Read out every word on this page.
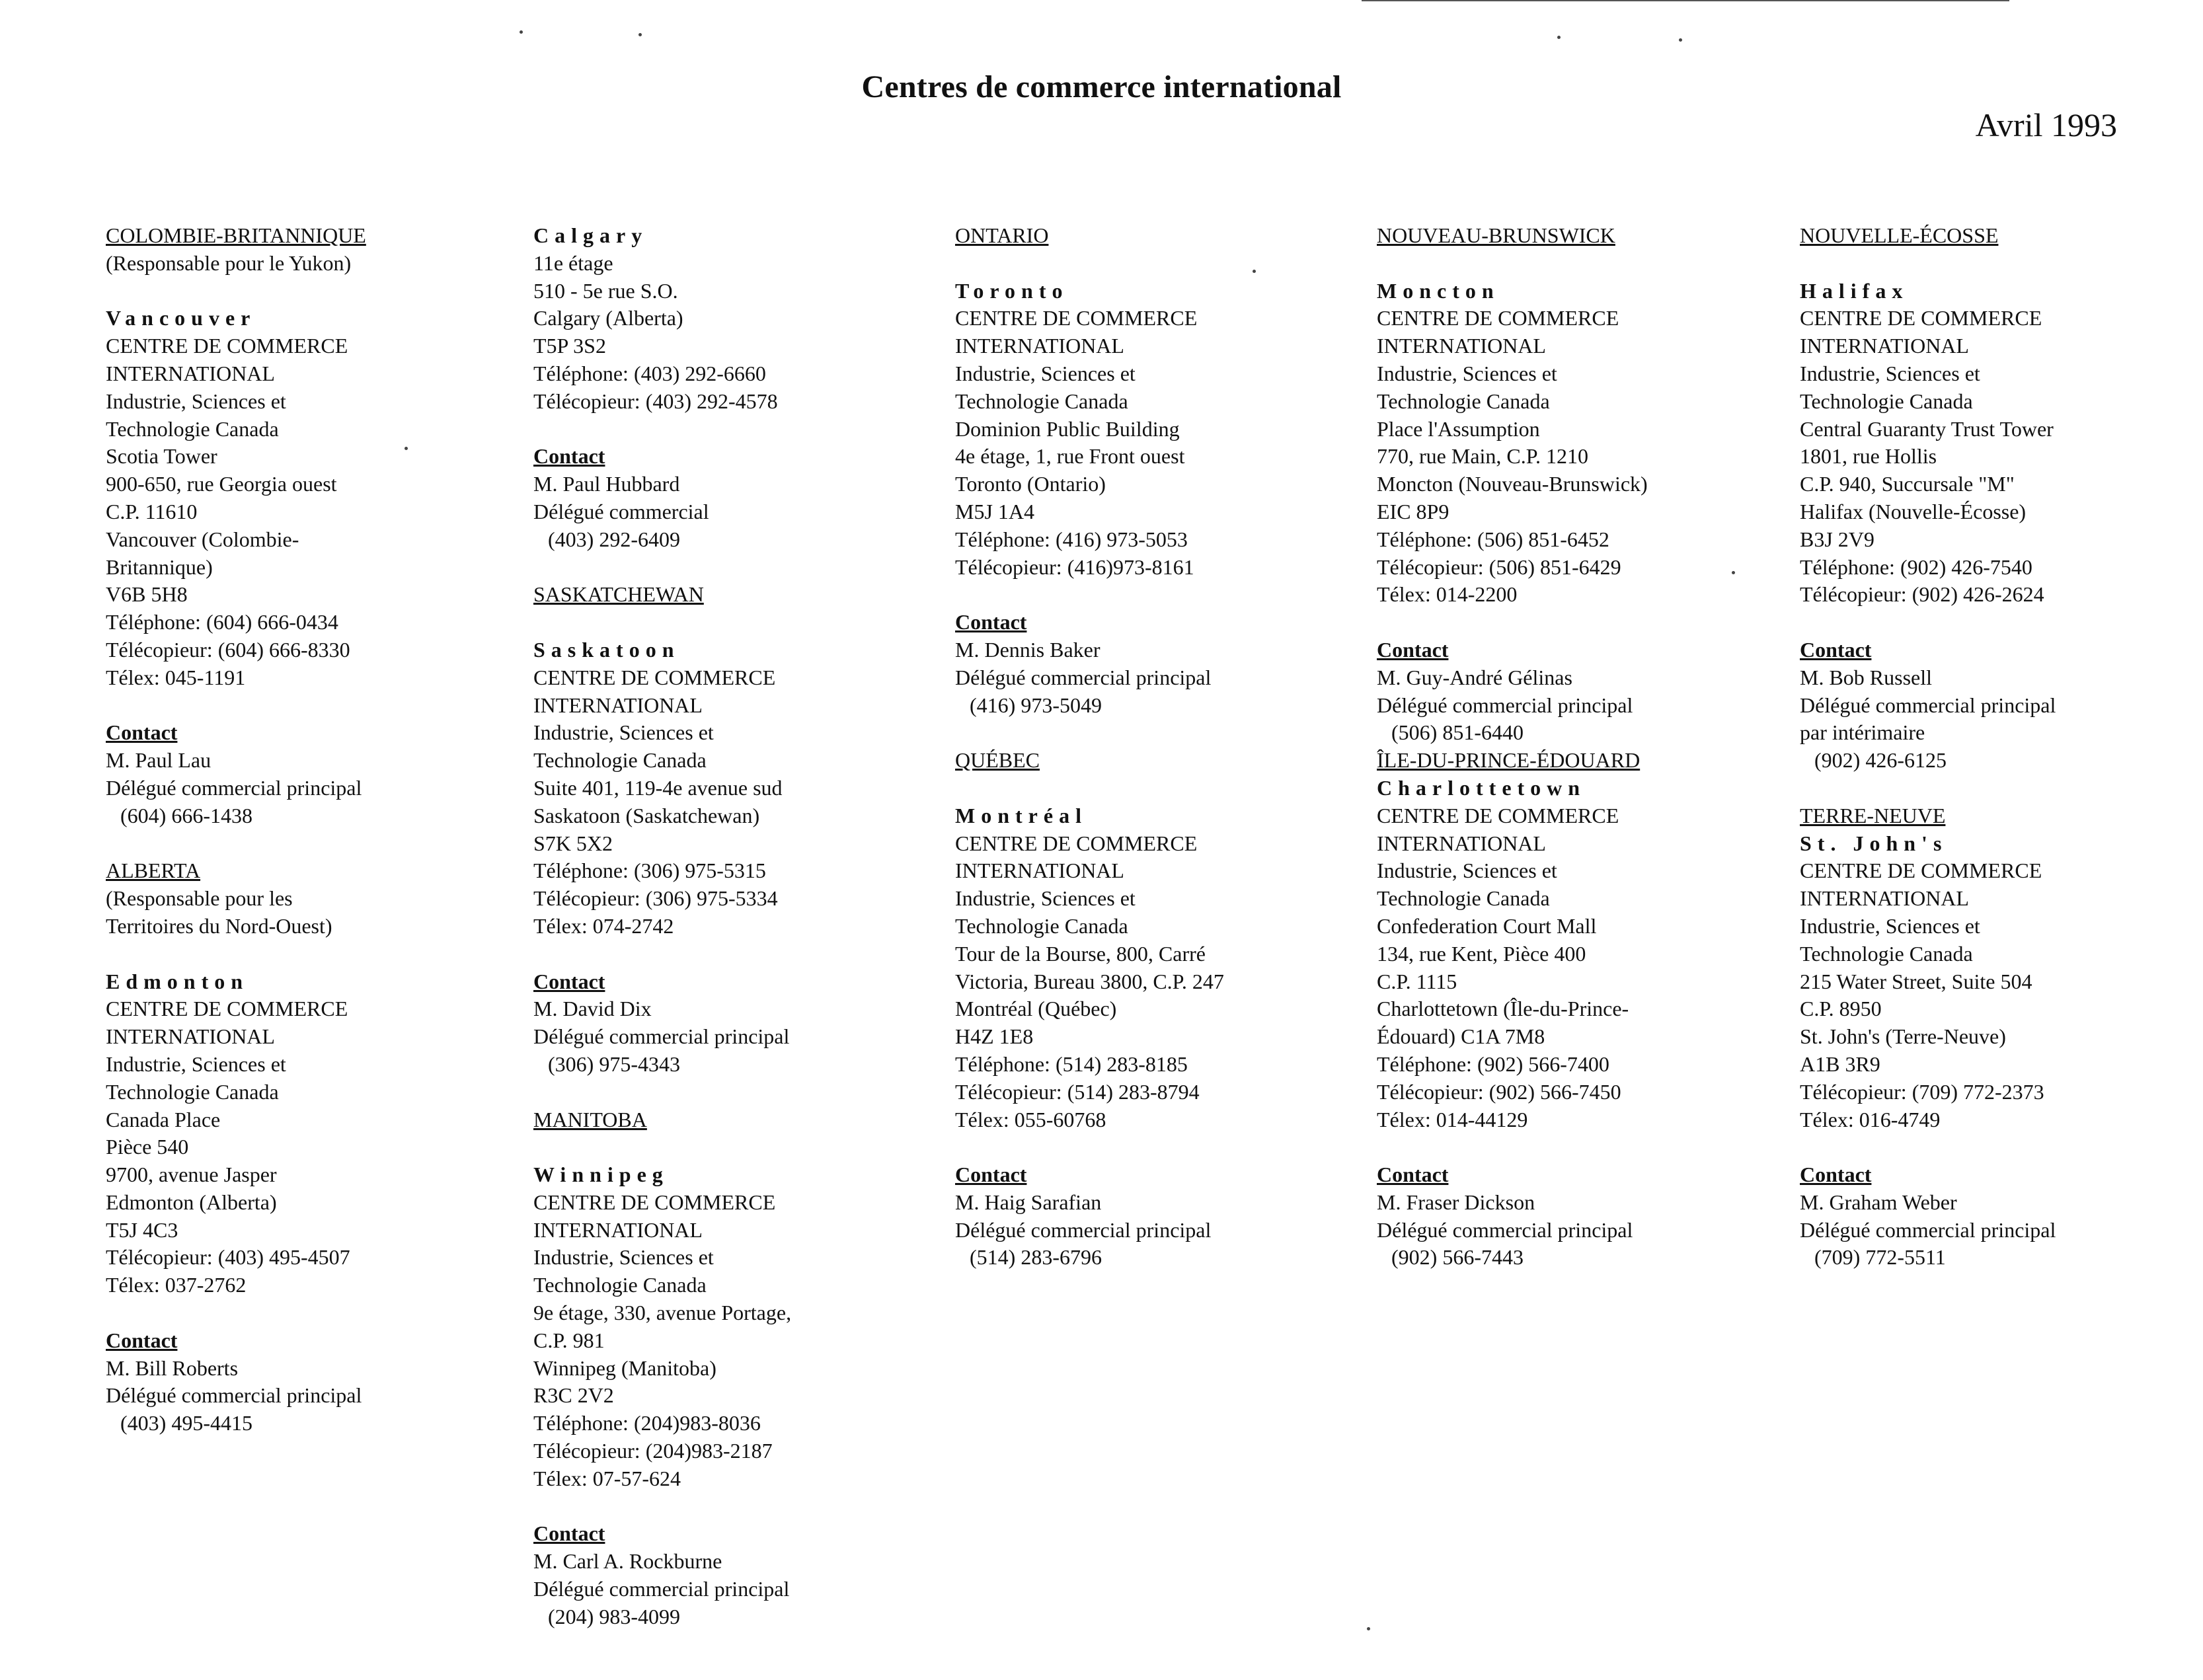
Centres de commerce international
Avril 1993
COLOMBIE-BRITANNIQUE
(Responsable pour le Yukon)
Vancouver
CENTRE DE COMMERCE
INTERNATIONAL
Industrie, Sciences et
Technologie Canada
Scotia Tower
900-650, rue Georgia ouest
C.P. 11610
Vancouver (Colombie-
Britannique)
V6B 5H8
Téléphone: (604) 666-0434
Télécopieur: (604) 666-8330
Télex: 045-1191
Contact
M. Paul Lau
Délégué commercial principal
(604) 666-1438
ALBERTA
(Responsable pour les
Territoires du Nord-Ouest)
Edmonton
CENTRE DE COMMERCE
INTERNATIONAL
Industrie, Sciences et
Technologie Canada
Canada Place
Pièce 540
9700, avenue Jasper
Edmonton (Alberta)
T5J 4C3
Télécopieur: (403) 495-4507
Télex: 037-2762
Contact
M. Bill Roberts
Délégué commercial principal
(403) 495-4415
Calgary
11e étage
510 - 5e rue S.O.
Calgary (Alberta)
T5P 3S2
Téléphone: (403) 292-6660
Télécopieur: (403) 292-4578
Contact
M. Paul Hubbard
Délégué commercial
(403) 292-6409
SASKATCHEWAN
Saskatoon
CENTRE DE COMMERCE
INTERNATIONAL
Industrie, Sciences et
Technologie Canada
Suite 401, 119-4e avenue sud
Saskatoon (Saskatchewan)
S7K 5X2
Téléphone: (306) 975-5315
Télécopieur: (306) 975-5334
Télex: 074-2742
Contact
M. David Dix
Délégué commercial principal
(306) 975-4343
MANITOBA
Winnipeg
CENTRE DE COMMERCE
INTERNATIONAL
Industrie, Sciences et
Technologie Canada
9e étage, 330, avenue Portage,
C.P. 981
Winnipeg (Manitoba)
R3C 2V2
Téléphone: (204)983-8036
Télécopieur: (204)983-2187
Télex: 07-57-624
Contact
M. Carl A. Rockburne
Délégué commercial principal
(204) 983-4099
ONTARIO
Toronto
CENTRE DE COMMERCE
INTERNATIONAL
Industrie, Sciences et
Technologie Canada
Dominion Public Building
4e étage, 1, rue Front ouest
Toronto (Ontario)
M5J 1A4
Téléphone: (416) 973-5053
Télécopieur: (416)973-8161
Contact
M. Dennis Baker
Délégué commercial principal
(416) 973-5049
QUÉBEC
Montréal
CENTRE DE COMMERCE
INTERNATIONAL
Industrie, Sciences et
Technologie Canada
Tour de la Bourse, 800, Carré
Victoria, Bureau 3800, C.P. 247
Montréal (Québec)
H4Z 1E8
Téléphone: (514) 283-8185
Télécopieur: (514) 283-8794
Télex: 055-60768
Contact
M. Haig Sarafian
Délégué commercial principal
(514) 283-6796
NOUVEAU-BRUNSWICK
Moncton
CENTRE DE COMMERCE
INTERNATIONAL
Industrie, Sciences et
Technologie Canada
Place l'Assumption
770, rue Main, C.P. 1210
Moncton (Nouveau-Brunswick)
EIC 8P9
Téléphone: (506) 851-6452
Télécopieur: (506) 851-6429
Télex: 014-2200
Contact
M. Guy-André Gélinas
Délégué commercial principal
(506) 851-6440
ÎLE-DU-PRINCE-ÉDOUARD
Charlottetown
CENTRE DE COMMERCE
INTERNATIONAL
Industrie, Sciences et
Technologie Canada
Confederation Court Mall
134, rue Kent, Pièce 400
C.P. 1115
Charlottetown (Île-du-Prince-
Édouard) C1A 7M8
Téléphone: (902) 566-7400
Télécopieur: (902) 566-7450
Télex: 014-44129
Contact
M. Fraser Dickson
Délégué commercial principal
(902) 566-7443
NOUVELLE-ÉCOSSE
Halifax
CENTRE DE COMMERCE
INTERNATIONAL
Industrie, Sciences et
Technologie Canada
Central Guaranty Trust Tower
1801, rue Hollis
C.P. 940, Succursale "M"
Halifax (Nouvelle-Écosse)
B3J 2V9
Téléphone: (902) 426-7540
Télécopieur: (902) 426-2624
Contact
M. Bob Russell
Délégué commercial principal
par intérimaire
(902) 426-6125
TERRE-NEUVE
St. John's
CENTRE DE COMMERCE
INTERNATIONAL
Industrie, Sciences et
Technologie Canada
215 Water Street, Suite 504
C.P. 8950
St. John's (Terre-Neuve)
A1B 3R9
Télécopieur: (709) 772-2373
Télex: 016-4749
Contact
M. Graham Weber
Délégué commercial principal
(709) 772-5511
